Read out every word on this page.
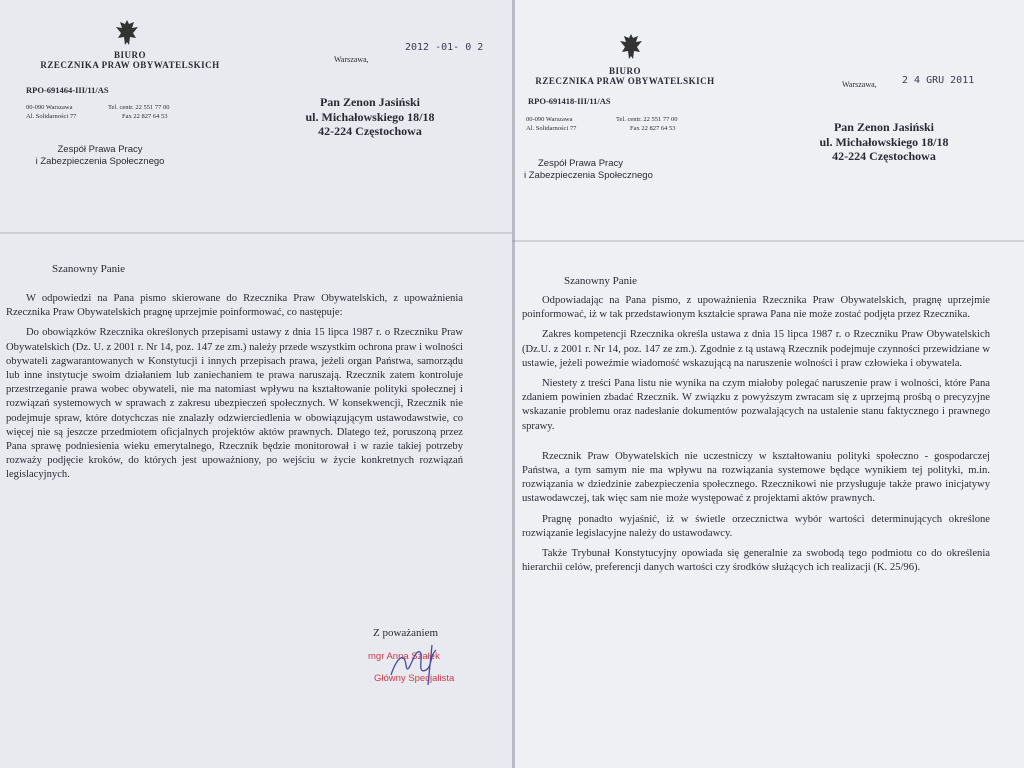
BIURO
RZECZNIKA PRAW OBYWATELSKICH
RPO-691464-III/11/AS
00-090 Warszawa
Al. Solidarności 77
Tel. centr. 22 551 77 00
Fax 22 827 64 53
Zespół Prawa Pracy
i Zabezpieczenia Społecznego
Warszawa,
2012 -01- 0 2
Pan Zenon Jasiński
ul. Michałowskiego 18/18
42-224 Częstochowa
Szanowny Panie

W odpowiedzi na Pana pismo skierowane do Rzecznika Praw Obywatelskich, z upoważnienia Rzecznika Praw Obywatelskich pragnę uprzejmie poinformować, co następuje:

Do obowiązków Rzecznika określonych przepisami ustawy z dnia 15 lipca 1987 r. o Rzeczniku Praw Obywatelskich (Dz. U. z 2001 r. Nr 14, poz. 147 ze zm.) należy przede wszystkim ochrona praw i wolności obywateli zagwarantowanych w Konstytucji i innych przepisach prawa, jeżeli organ Państwa, samorządu lub inne instytucje swoim działaniem lub zaniechaniem te prawa naruszają. Rzecznik zatem kontroluje przestrzeganie prawa wobec obywateli, nie ma natomiast wpływu na kształtowanie polityki społecznej i rozwiązań systemowych w sprawach z zakresu ubezpieczeń społecznych. W konsekwencji, Rzecznik nie podejmuje spraw, które dotychczas nie znalazły odzwierciedlenia w obowiązującym ustawodawstwie, co więcej nie są jeszcze przedmiotem oficjalnych projektów aktów prawnych. Dlatego też, poruszoną przez Pana sprawę podniesienia wieku emerytalnego, Rzecznik będzie monitorował i w razie takiej potrzeby rozważy podjęcie kroków, do których jest upoważniony, po wejściu w życie konkretnych rozwiązań legislacyjnych.

Z poważaniem
mgr Anna Szałek
Główny Specjalista
BIURO
RZECZNIKA PRAW OBYWATELSKICH
RPO-691418-III/11/AS
00-090 Warszawa
Al. Solidarności 77
Tel. centr. 22 551 77 00
Fax 22 827 64 53
Zespół Prawa Pracy
i Zabezpieczenia Społecznego
Warszawa,	2 4 GRU 2011
Pan Zenon Jasiński
ul. Michałowskiego 18/18
42-224 Częstochowa
Szanowny Panie

Odpowiadając na Pana pismo, z upoważnienia Rzecznika Praw Obywatelskich, pragnę uprzejmie poinformować, iż w tak przedstawionym kształcie sprawa Pana nie może zostać podjęta przez Rzecznika.

Zakres kompetencji Rzecznika określa ustawa z dnia 15 lipca 1987 r. o Rzeczniku Praw Obywatelskich (Dz.U. z 2001 r. Nr 14, poz. 147 ze zm.). Zgodnie z tą ustawą Rzecznik podejmuje czynności przewidziane w ustawie, jeżeli poweźmie wiadomość wskazującą na naruszenie wolności i praw człowieka i obywatela.

Niestety z treści Pana listu nie wynika na czym miałoby polegać naruszenie praw i wolności, które Pana zdaniem powinien zbadać Rzecznik. W związku z powyższym zwracam się z uprzejmą prośbą o precyzyjne wskazanie problemu oraz nadesłanie dokumentów pozwalających na ustalenie stanu faktycznego i prawnego sprawy.

Rzecznik Praw Obywatelskich nie uczestniczy w kształtowaniu polityki społeczno - gospodarczej Państwa, a tym samym nie ma wpływu na rozwiązania systemowe będące wynikiem tej polityki, m.in. rozwiązania w dziedzinie zabezpieczenia społecznego. Rzecznikowi nie przysługuje także prawo inicjatywy ustawodawczej, tak więc sam nie może występować z projektami aktów prawnych.

Pragnę ponadto wyjaśnić, iż w świetle orzecznictwa wybór wartości determinujących określone rozwiązanie legislacyjne należy do ustawodawcy.

Także Trybunał Konstytucyjny opowiada się generalnie za swobodą tego podmiotu co do określenia hierarchii celów, preferencji danych wartości czy środków służących ich realizacji (K. 25/96).
